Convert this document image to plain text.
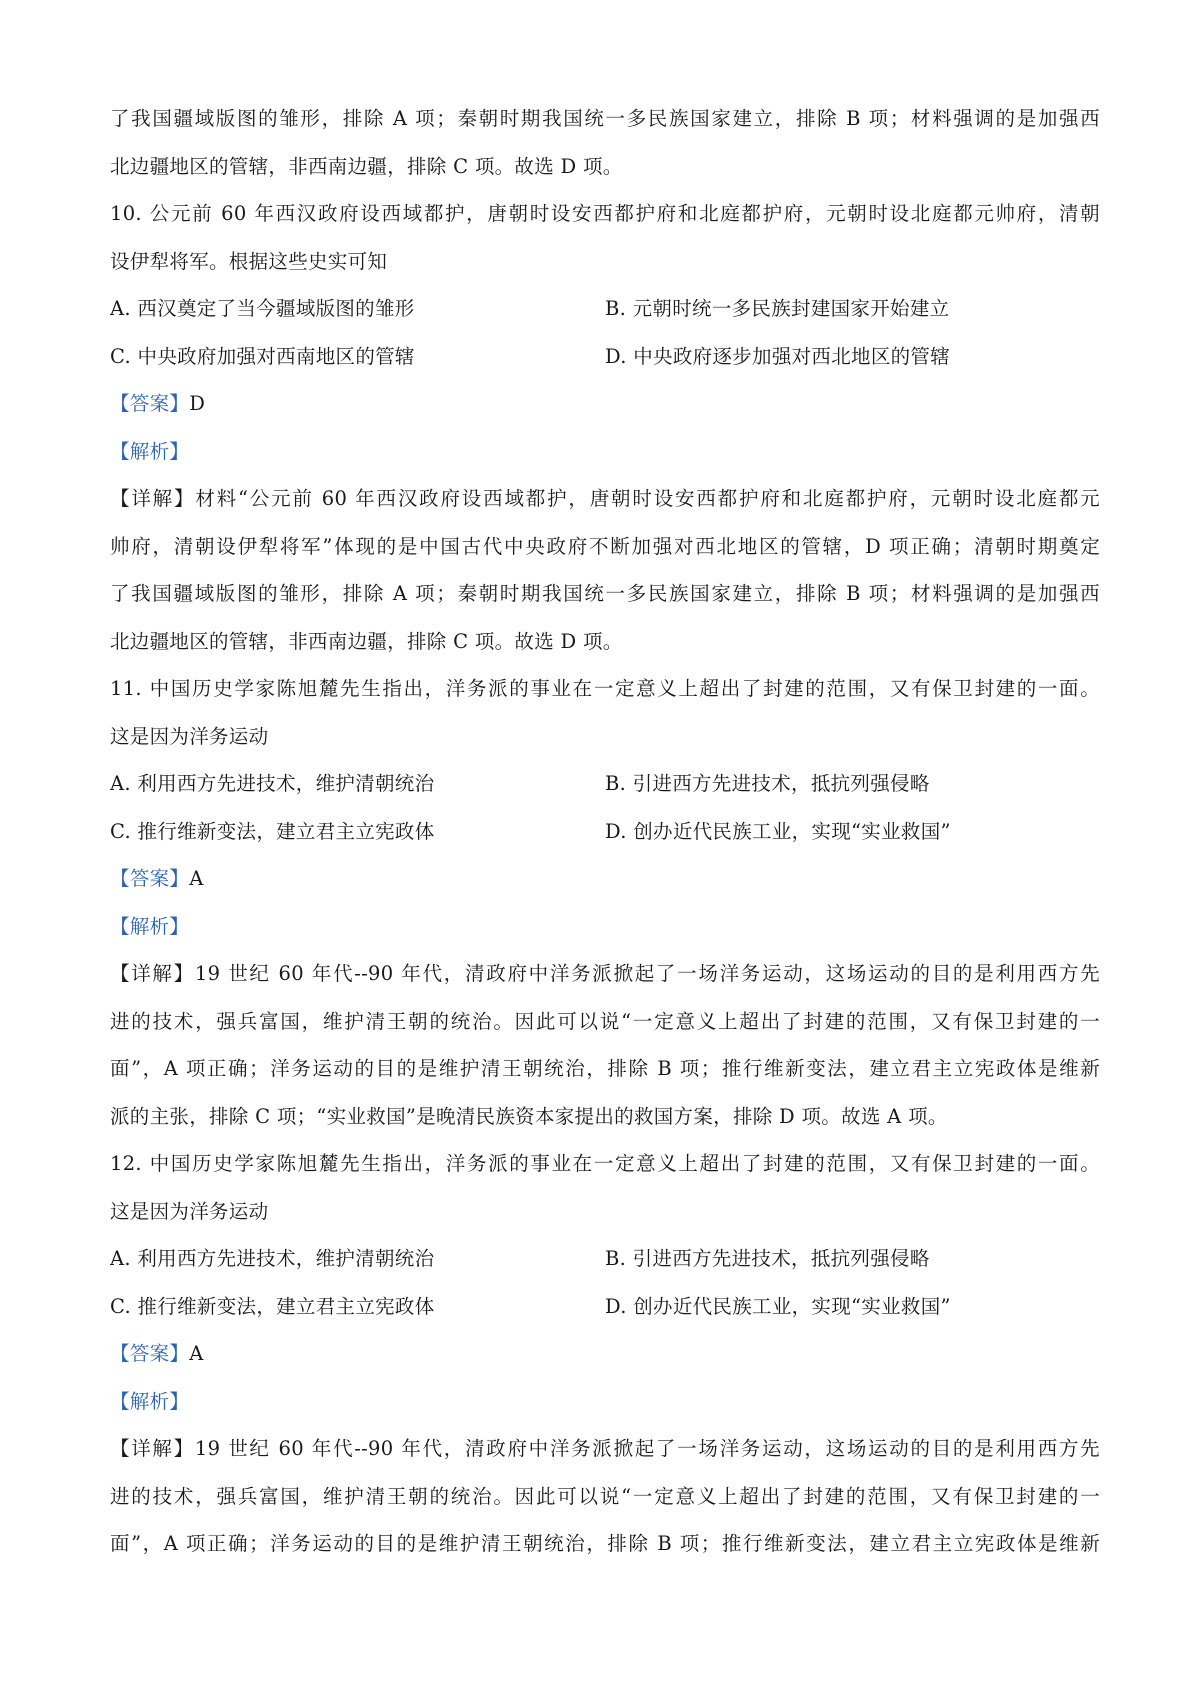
了我国疆域版图的雏形，排除 A 项；秦朝时期我国统一多民族国家建立，排除 B 项；材料强调的是加强西
北边疆地区的管辖，非西南边疆，排除 C 项。故选 D 项。
10. 公元前 60 年西汉政府设西域都护，唐朝时设安西都护府和北庭都护府，元朝时设北庭都元帅府，清朝
设伊犁将军。根据这些史实可知
A. 西汉奠定了当今疆域版图的雏形	B. 元朝时统一多民族封建国家开始建立
C. 中央政府加强对西南地区的管辖	D. 中央政府逐步加强对西北地区的管辖
【答案】D
【解析】
【详解】材料“公元前 60 年西汉政府设西域都护，唐朝时设安西都护府和北庭都护府，元朝时设北庭都元
帅府，清朝设伊犁将军”体现的是中国古代中央政府不断加强对西北地区的管辖，D 项正确；清朝时期奠定
了我国疆域版图的雏形，排除 A 项；秦朝时期我国统一多民族国家建立，排除 B 项；材料强调的是加强西
北边疆地区的管辖，非西南边疆，排除 C 项。故选 D 项。
11. 中国历史学家陈旭麓先生指出，洋务派的事业在一定意义上超出了封建的范围，又有保卫封建的一面。
这是因为洋务运动
A. 利用西方先进技术，维护清朝统治	B. 引进西方先进技术，抵抗列强侵略
C. 推行维新变法，建立君主立宪政体	D. 创办近代民族工业，实现“实业救国”
【答案】A
【解析】
【详解】19 世纪 60 年代--90 年代，清政府中洋务派掀起了一场洋务运动，这场运动的目的是利用西方先
进的技术，强兵富国，维护清王朝的统治。因此可以说“一定意义上超出了封建的范围，又有保卫封建的一
面”，A 项正确；洋务运动的目的是维护清王朝统治，排除 B 项；推行维新变法，建立君主立宪政体是维新
派的主张，排除 C 项；“实业救国”是晚清民族资本家提出的救国方案，排除 D 项。故选 A 项。
12. 中国历史学家陈旭麓先生指出，洋务派的事业在一定意义上超出了封建的范围，又有保卫封建的一面。
这是因为洋务运动
A. 利用西方先进技术，维护清朝统治	B. 引进西方先进技术，抵抗列强侵略
C. 推行维新变法，建立君主立宪政体	D. 创办近代民族工业，实现“实业救国”
【答案】A
【解析】
【详解】19 世纪 60 年代--90 年代，清政府中洋务派掀起了一场洋务运动，这场运动的目的是利用西方先
进的技术，强兵富国，维护清王朝的统治。因此可以说“一定意义上超出了封建的范围，又有保卫封建的一
面”，A 项正确；洋务运动的目的是维护清王朝统治，排除 B 项；推行维新变法，建立君主立宪政体是维新
